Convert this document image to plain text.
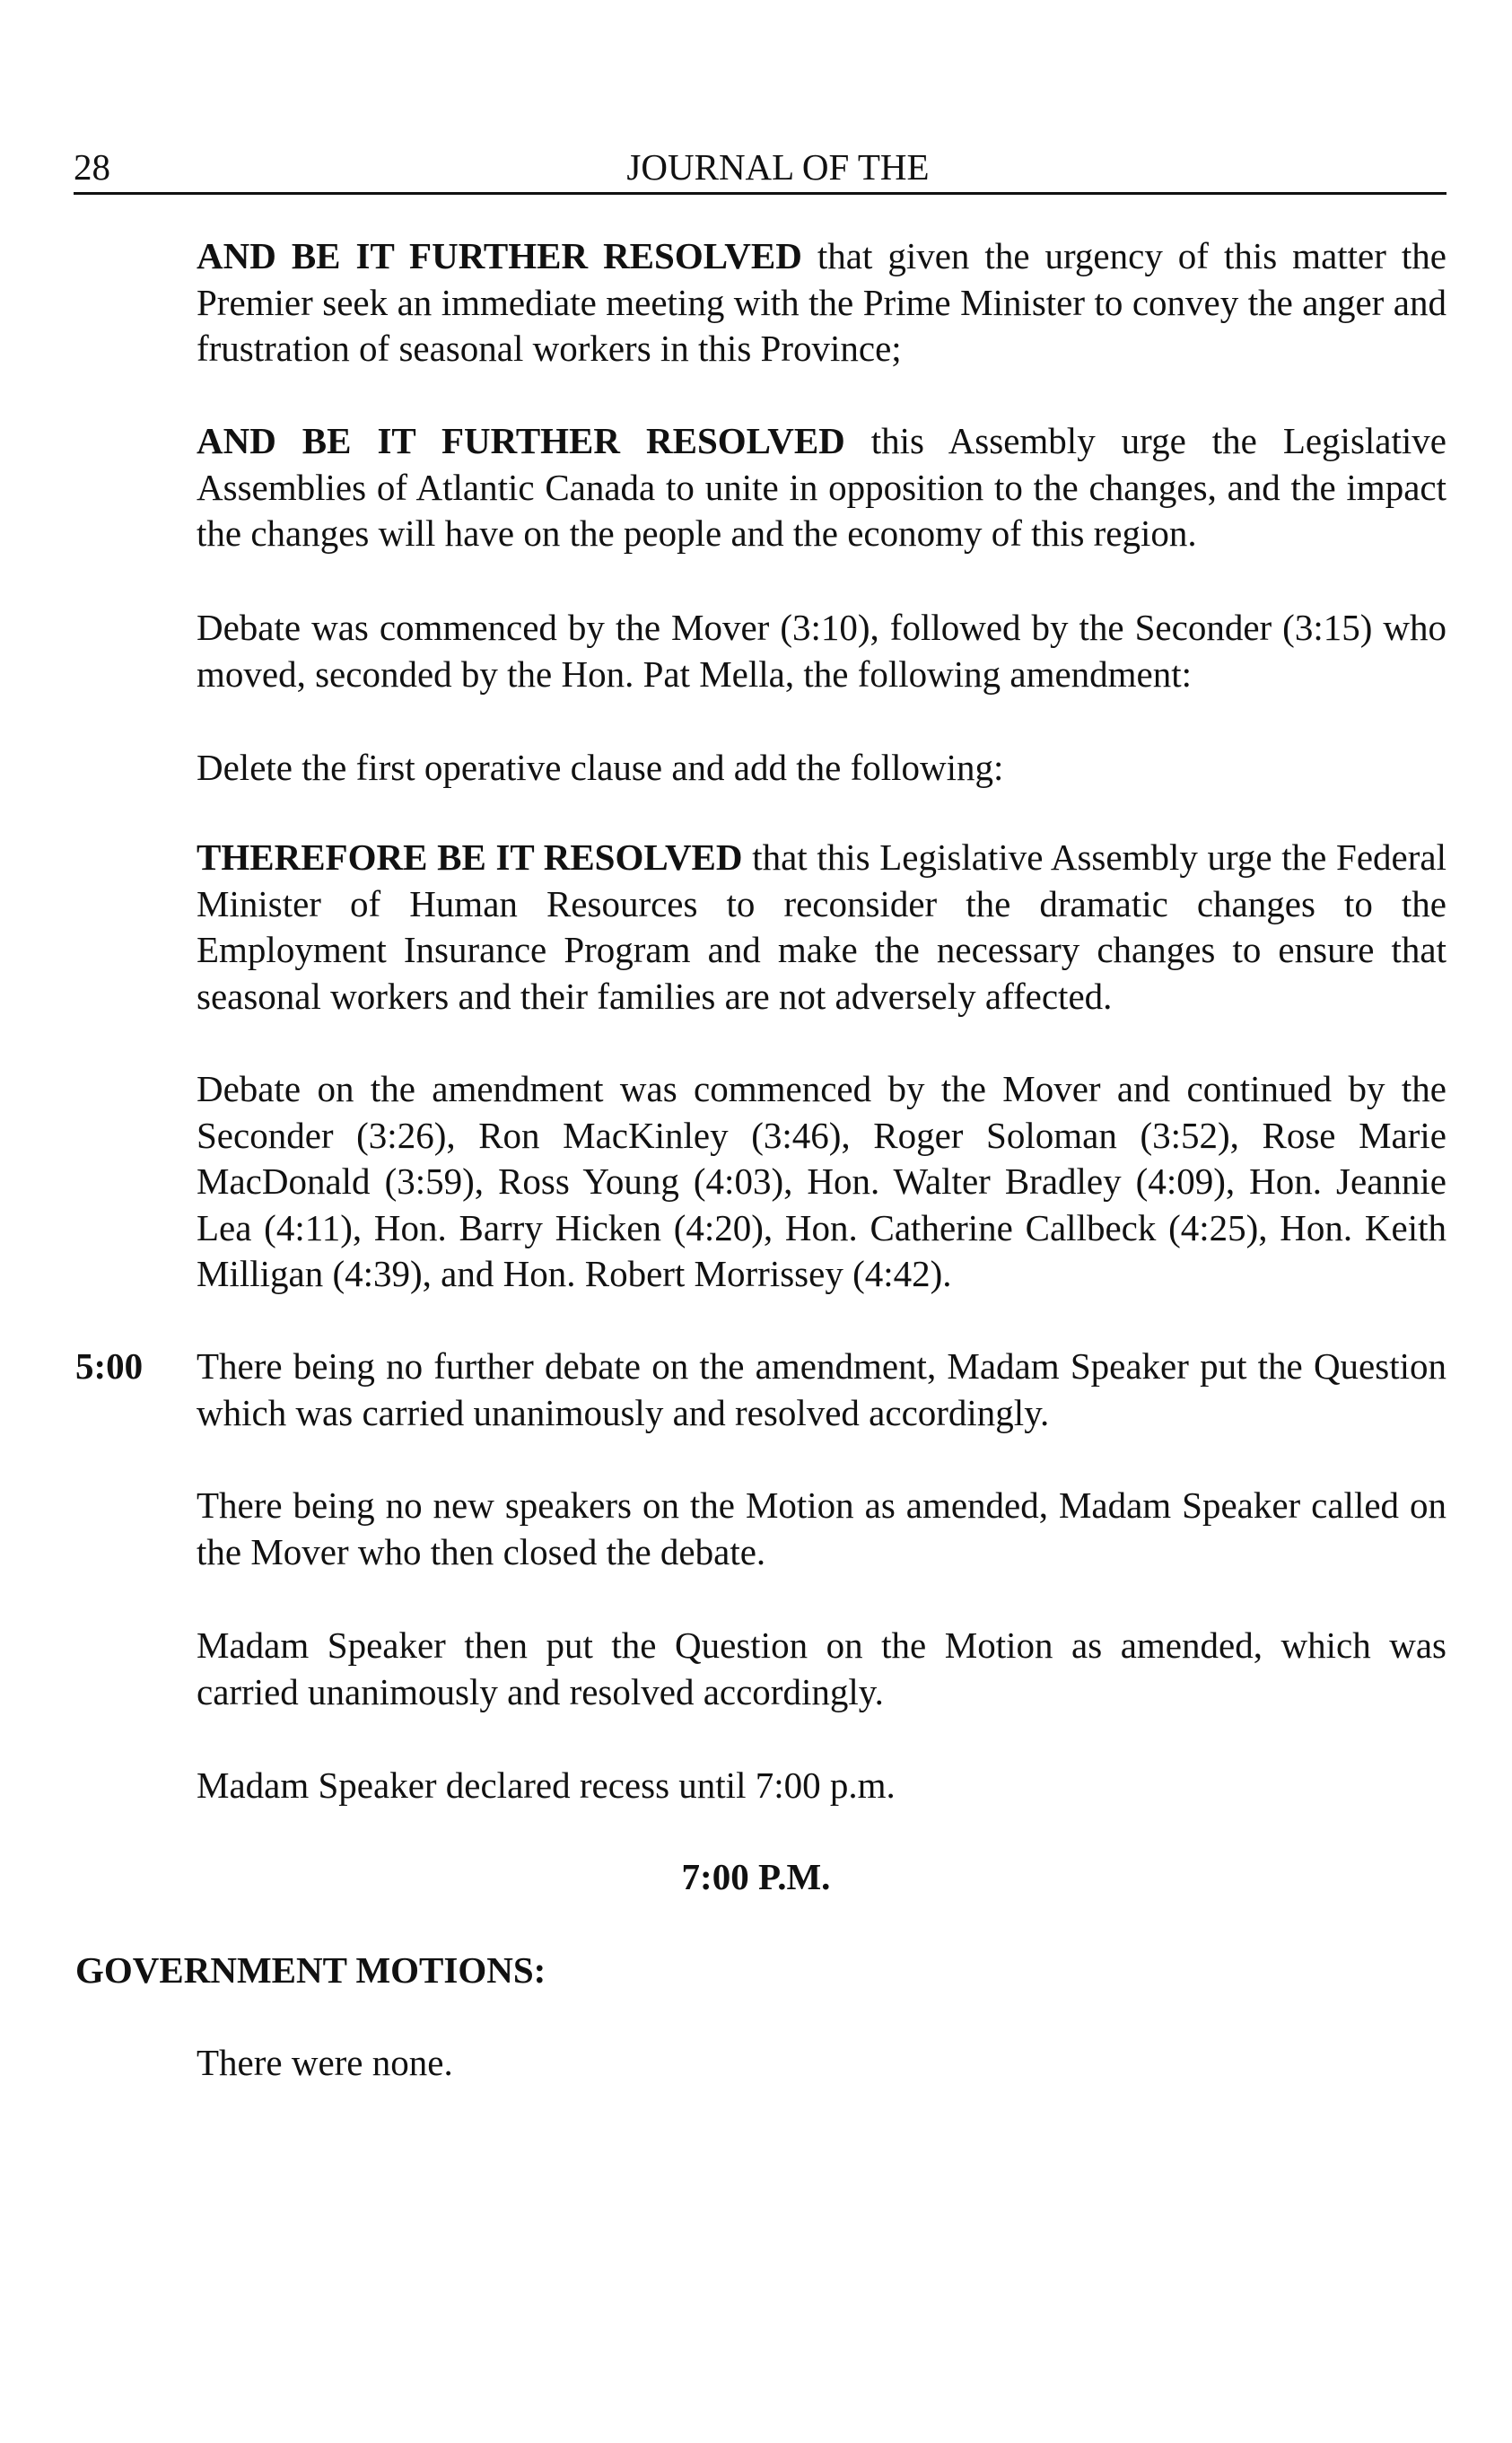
28	JOURNAL OF THE

AND BE IT FURTHER RESOLVED that given the urgency of this matter the Premier seek an immediate meeting with the Prime Minister to convey the anger and frustration of seasonal workers in this Province;

AND BE IT FURTHER RESOLVED this Assembly urge the Legislative Assemblies of Atlantic Canada to unite in opposition to the changes, and the impact the changes will have on the people and the economy of this region.

Debate was commenced by the Mover (3:10), followed by the Seconder (3:15) who moved, seconded by the Hon. Pat Mella, the following amendment:

Delete the first operative clause and add the following:

THEREFORE BE IT RESOLVED that this Legislative Assembly urge the Federal Minister of Human Resources to reconsider the dramatic changes to the Employment Insurance Program and make the necessary changes to ensure that seasonal workers and their families are not adversely affected.

Debate on the amendment was commenced by the Mover and continued by the Seconder (3:26), Ron MacKinley (3:46), Roger Soloman (3:52), Rose Marie MacDonald (3:59), Ross Young (4:03), Hon. Walter Bradley (4:09), Hon. Jeannie Lea (4:11), Hon. Barry Hicken (4:20), Hon. Catherine Callbeck (4:25), Hon. Keith Milligan (4:39), and Hon. Robert Morrissey (4:42).

5:00 There being no further debate on the amendment, Madam Speaker put the Question which was carried unanimously and resolved accordingly.

There being no new speakers on the Motion as amended, Madam Speaker called on the Mover who then closed the debate.

Madam Speaker then put the Question on the Motion as amended, which was carried unanimously and resolved accordingly.

Madam Speaker declared recess until 7:00 p.m.

7:00 P.M.
GOVERNMENT MOTIONS:

There were none.
